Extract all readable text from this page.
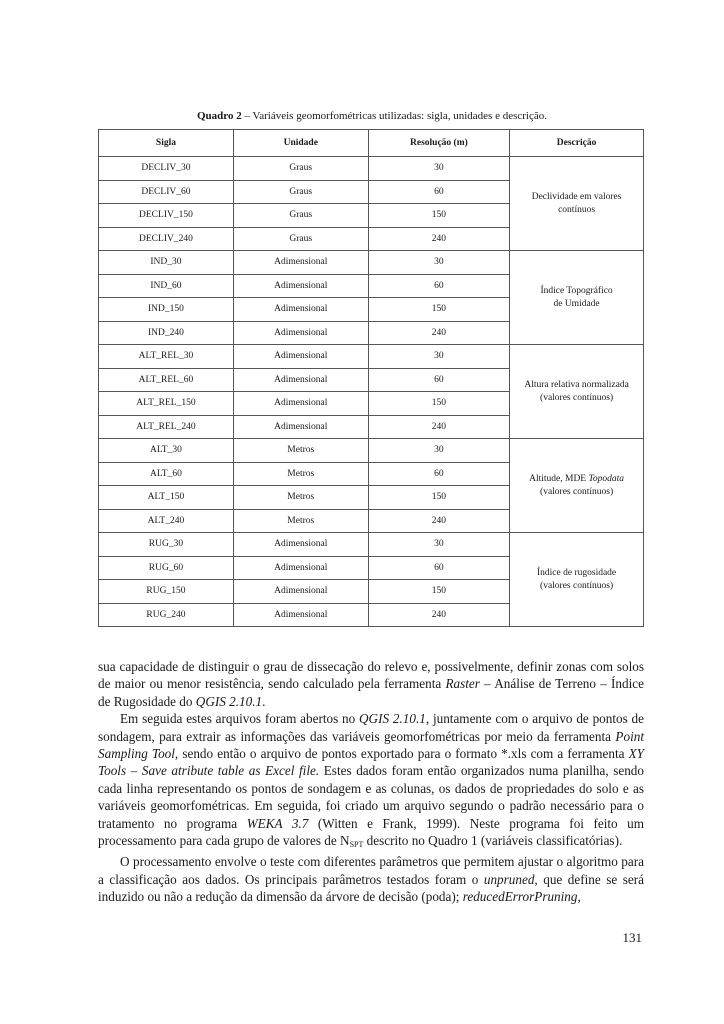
Quadro 2 – Variáveis geomorfométricas utilizadas: sigla, unidades e descrição.
Sigla	Unidade	Resolução (m)	Descrição
DECLIV_30	Graus	30	Declividade em valores
contínuos
DECLIV_60	Graus	60	
DECLIV_150	Graus	150	
DECLIV_240	Graus	240	
IND_30	Adimensional	30	Índice Topográfico
de Umidade
IND_60	Adimensional	60	
IND_150	Adimensional	150	
IND_240	Adimensional	240	
ALT_REL_30	Adimensional	30	Altura relativa normalizada
(valores contínuos)
ALT_REL_60	Adimensional	60	
ALT_REL_150	Adimensional	150	
ALT_REL_240	Adimensional	240	
ALT_30	Metros	30	Altitude, MDE Topodata
(valores contínuos)
ALT_60	Metros	60	
ALT_150	Metros	150	
ALT_240	Metros	240	
RUG_30	Adimensional	30	Índice de rugosidade
(valores contínuos)
RUG_60	Adimensional	60	
RUG_150	Adimensional	150	
RUG_240	Adimensional	240	

sua capacidade de distinguir o grau de dissecação do relevo e, possivelmente, definir zonas com solos de maior ou menor resistência, sendo calculado pela ferramenta Raster – Análise de Terreno – Índice de Rugosidade do QGIS 2.10.1.

Em seguida estes arquivos foram abertos no QGIS 2.10.1, juntamente com o arquivo de pontos de sondagem, para extrair as informações das variáveis geomorfométricas por meio da ferramenta Point Sampling Tool, sendo então o arquivo de pontos exportado para o formato *.xls com a ferramenta XY Tools – Save atribute table as Excel file. Estes dados foram então organizados numa planilha, sendo cada linha representando os pontos de sondagem e as colunas, os dados de propriedades do solo e as variáveis geomorfométricas. Em seguida, foi criado um arquivo segundo o padrão necessário para o tratamento no programa WEKA 3.7 (Witten e Frank, 1999). Neste programa foi feito um processamento para cada grupo de valores de $N_{SPT}$ descrito no Quadro 1 (variáveis classificatórias).

O processamento envolve o teste com diferentes parâmetros que permitem ajustar o algoritmo para a classificação aos dados. Os principais parâmetros testados foram o unpruned, que define se será induzido ou não a redução da dimensão da árvore de decisão (poda); reducedErrorPruning,

131
